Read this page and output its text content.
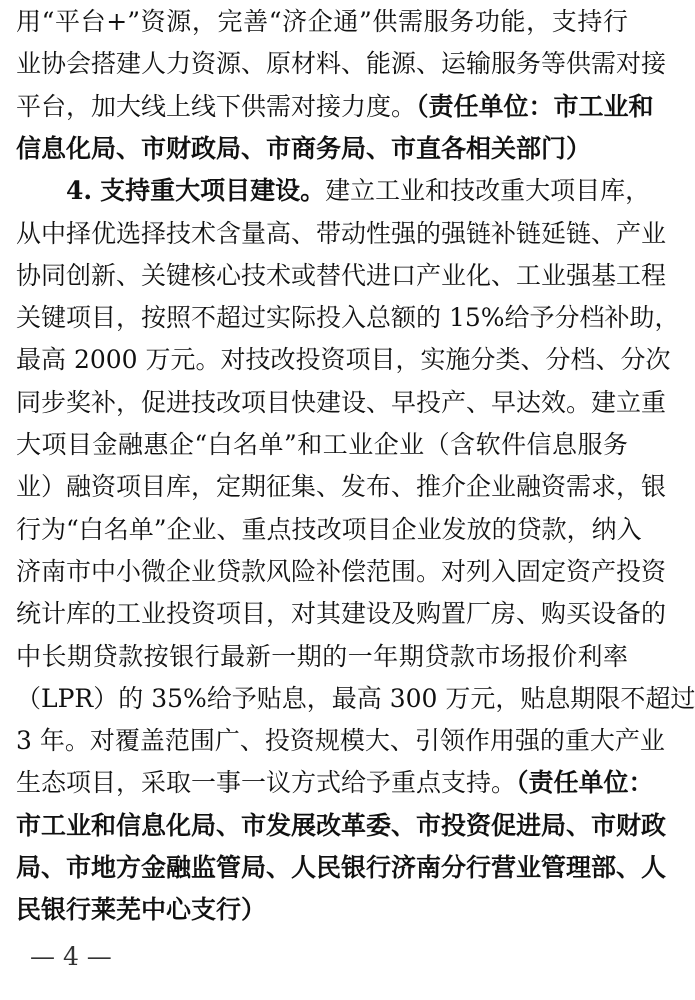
用“平台+”资源，完善“济企通”供需服务功能，支持行
业协会搭建人力资源、原材料、能源、运输服务等供需对接
平台，加大线上线下供需对接力度。（责任单位：市工业和
信息化局、市财政局、市商务局、市直各相关部门）
4. 支持重大项目建设。建立工业和技改重大项目库，
从中择优选择技术含量高、带动性强的强链补链延链、产业
协同创新、关键核心技术或替代进口产业化、工业强基工程
关键项目，按照不超过实际投入总额的 15%给予分档补助，
最高 2000 万元。对技改投资项目，实施分类、分档、分次
同步奖补，促进技改项目快建设、早投产、早达效。建立重
大项目金融惠企“白名单”和工业企业（含软件信息服务
业）融资项目库，定期征集、发布、推介企业融资需求，银
行为“白名单”企业、重点技改项目企业发放的贷款，纳入
济南市中小微企业贷款风险补偿范围。对列入固定资产投资
统计库的工业投资项目，对其建设及购置厂房、购买设备的
中长期贷款按银行最新一期的一年期贷款市场报价利率
（LPR）的 35%给予贴息，最高 300 万元，贴息期限不超过
3 年。对覆盖范围广、投资规模大、引领作用强的重大产业
生态项目，采取一事一议方式给予重点支持。（责任单位：
市工业和信息化局、市发展改革委、市投资促进局、市财政
局、市地方金融监管局、人民银行济南分行营业管理部、人
民银行莱芜中心支行）
— 4 —
